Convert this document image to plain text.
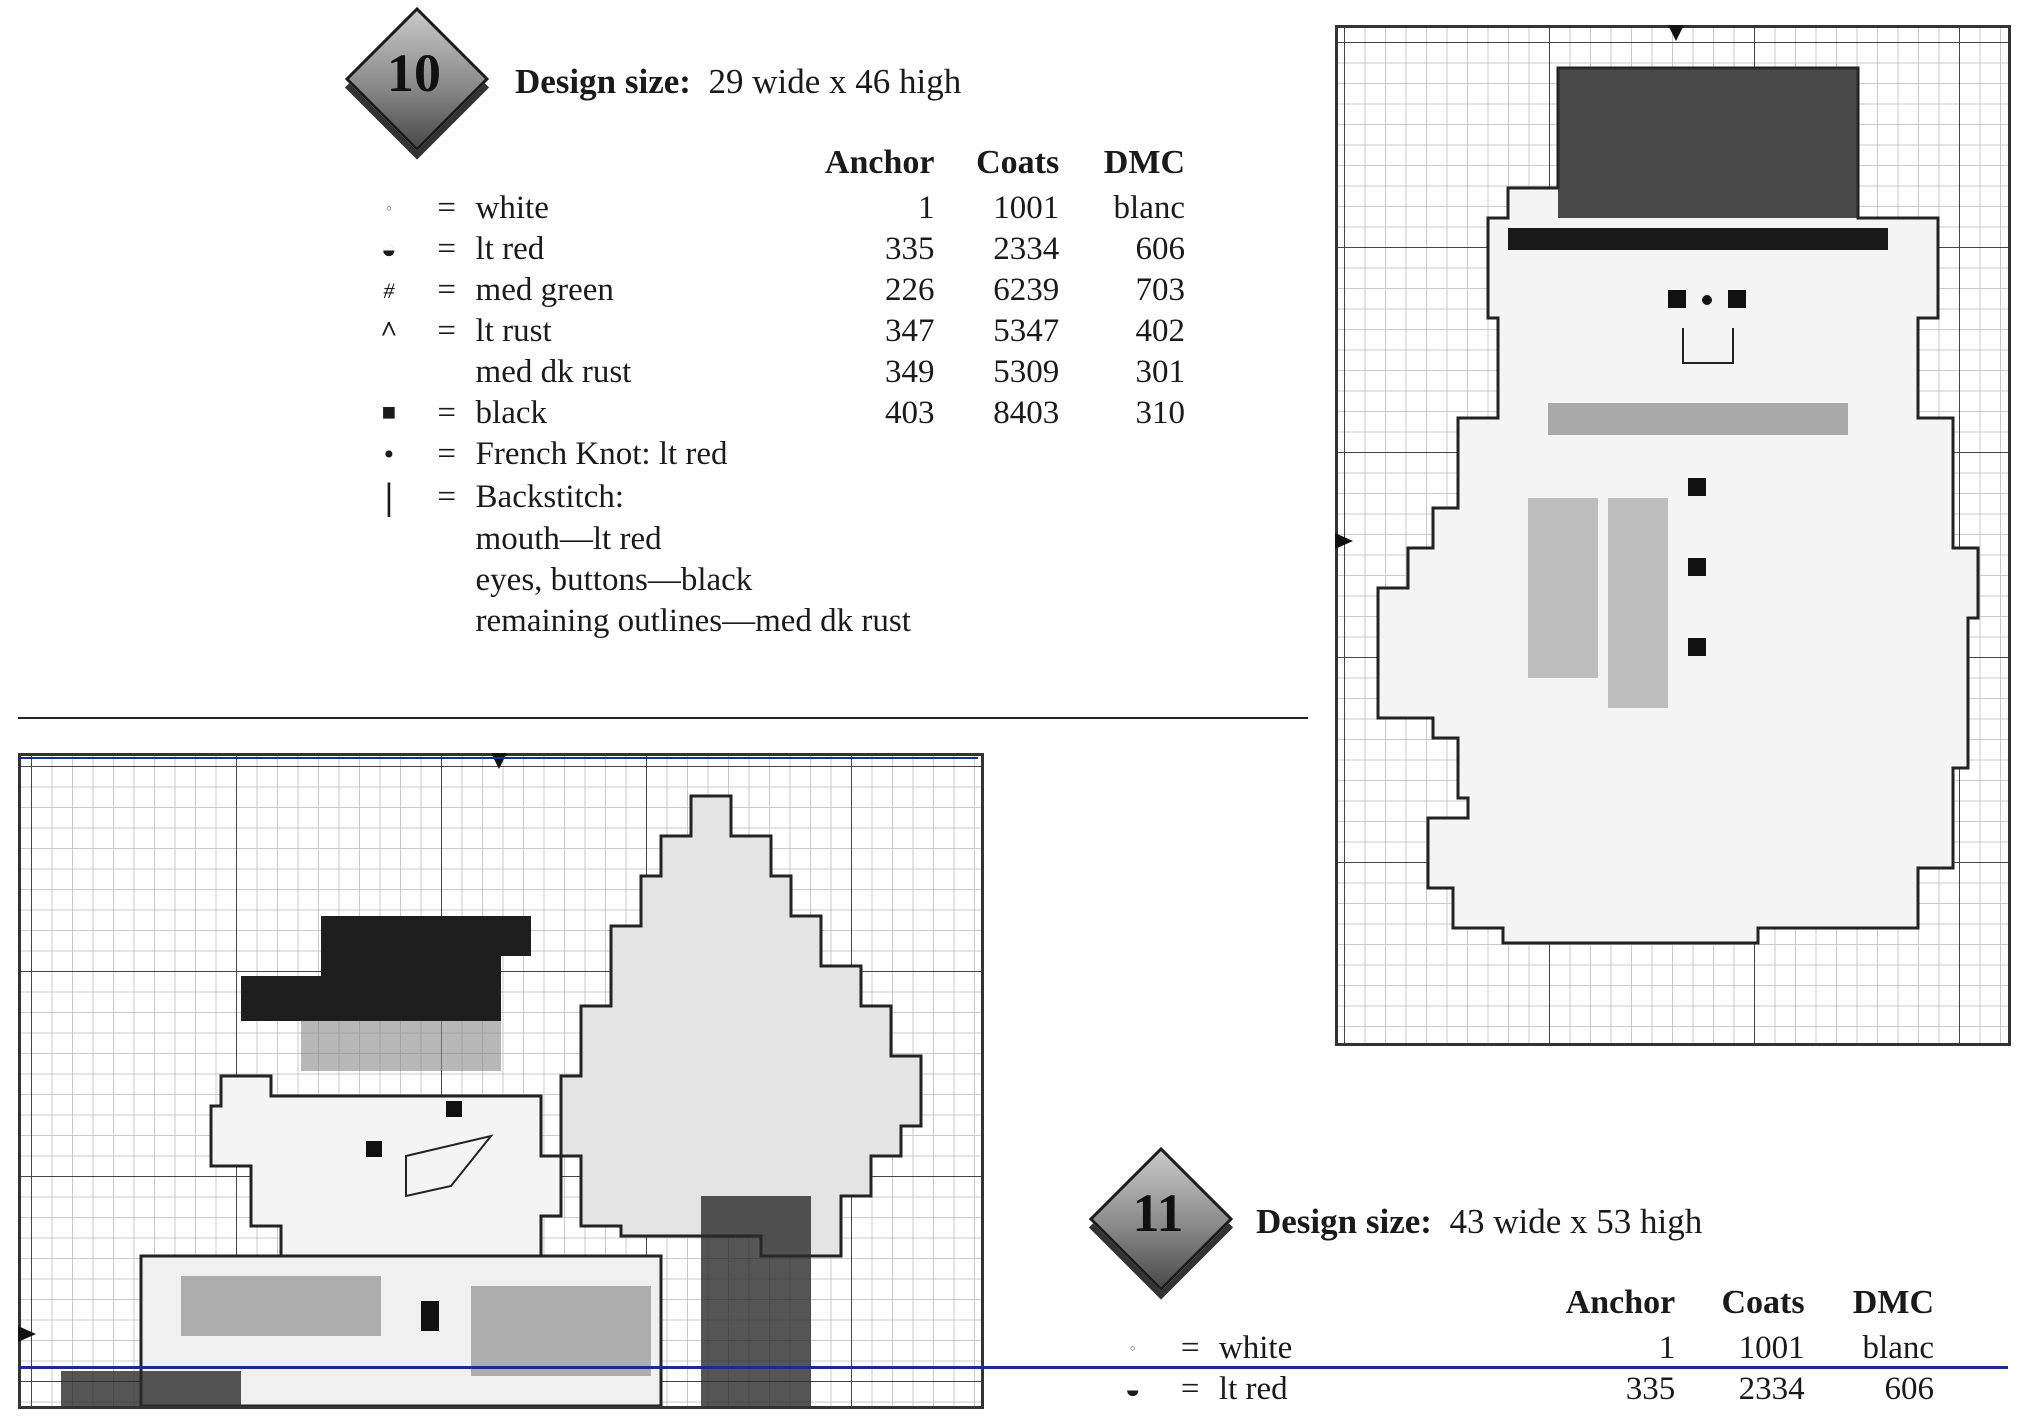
10	Design size: 29 wide x 46 high
			Anchor	Coats	DMC
◦	=	white	1	1001	blanc
◒	=	lt red	335	2334	606
#	=	med green	226	6239	703
^	=	lt rust	347	5347	402
		med dk rust	349	5309	301
■	=	black	403	8403	310
•	=	French Knot: lt red			
|	=	Backstitch:			
		mouth—lt red			
		eyes, buttons—black			
		remaining outlines—med dk rust			
11	Design size: 43 wide x 53 high
			Anchor	Coats	DMC
◦	=	white	1	1001	blanc
◒	=	lt red	335	2334	606
